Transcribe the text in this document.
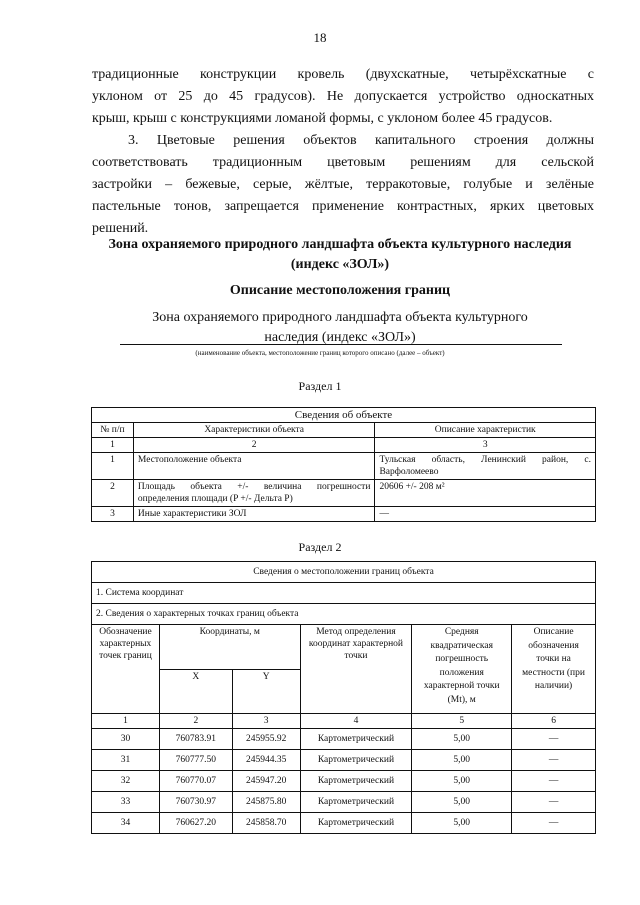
18
традиционные конструкции кровель (двухскатные, четырёхскатные с
уклоном от 25 до 45 градусов). Не допускается устройство односкатных
крыш, крыш с конструкциями ломаной формы, с уклоном более 45 градусов.
3. Цветовые решения объектов капитального строения должны
соответствовать традиционным цветовым решениям для сельской
застройки – бежевые, серые, жёлтые, терракотовые, голубые и зелёные
пастельные тонов, запрещается применение контрастных, ярких цветовых
решений.
Зона охраняемого природного ландшафта объекта культурного наследия
(индекс «ЗОЛ»)
Описание местоположения границ
Зона охраняемого природного ландшафта объекта культурного
наследия (индекс «ЗОЛ»)
(наименование объекта, местоположение границ которого описано (далее – объект)
Раздел 1
Сведения об объекте		
№ п/п	Характеристики объекта	Описание характеристик
1	2	3
1	Местоположение объекта	Тульская область, Ленинский район, с. Варфоломеево
2	Площадь объекта +/- величина погрешности определения площади (P +/- Дельта P)	20606 +/- 208 м²
3	Иные характеристики ЗОЛ	—
Раздел 2
Сведения о местоположении границ объекта					
1. Система координат					
2. Сведения о характерных точках границ объекта					
Обозначение характерных точек границ	Координаты, м		Метод определения координат характерной точки	Средняя квадратическая погрешность положения характерной точки (Mt), м	Описание обозначения точки на местности (при наличии)
	X	Y			
1	2	3	4	5	6
30	760783.91	245955.92	Картометрический	5,00	—
31	760777.50	245944.35	Картометрический	5,00	—
32	760770.07	245947.20	Картометрический	5,00	—
33	760730.97	245875.80	Картометрический	5,00	—
34	760627.20	245858.70	Картометрический	5,00	—
